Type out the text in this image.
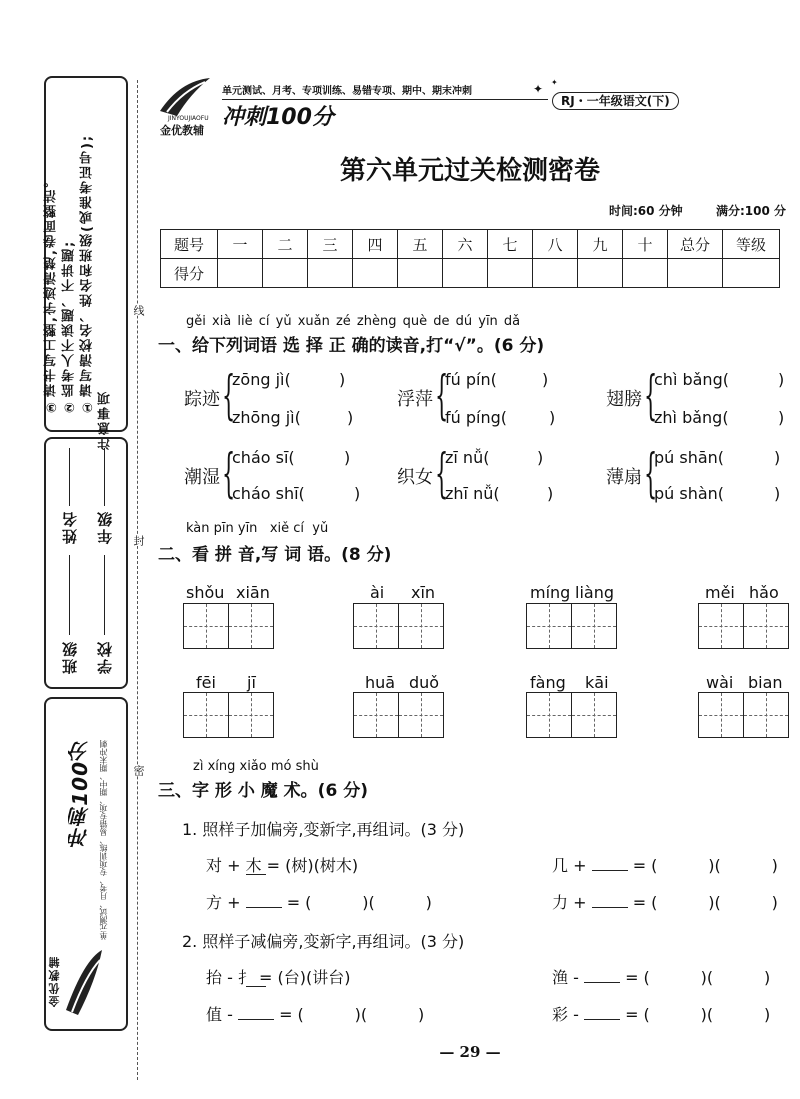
注意事项
①请写清校名、姓名和班级(或准考证号);
②监考人不读题、不讲题;
③请书写工整,字迹清楚,卷面整洁。
学校
年级
班级
姓名
单元测试、月考、专项训练、易错专项、期中、期末冲刺
冲刺100分
金优教辅
线
封
密
JINYOUJIAOFU
金优教辅
冲刺100分
单元测试、月考、专项训练、易错专项、期中、期末冲刺	✦ ✦
RJ・一年级语文(下)
第六单元过关检测密卷
时间:60 分钟	满分:100 分
题号	一	二	三	四	五	六	七	八	九	十	总分	等级
得分												
gěi xià liè cí yǔ xuǎn zé zhèng què de dú yīn dǎ
一、给下列词语 选 择 正 确的读音,打“√”。(6 分)
踪迹 {
zōng jì(	)
zhōng jì(	)
浮萍 {
fú pín(	)
fú píng(	)
翅膀 {
chì bǎng(	)
zhì bǎng(	)
潮湿 {
cháo sī(	)
cháo shī(	)
织女 {
zī nǚ(	)
zhī nǚ(	)
薄扇 {
pú shān(	)
pú shàn(	)
kàn pīn yīn   xiě cí  yǔ
二、看 拼 音,写 词 语。(8 分)
shǒu xiān	ài xīn	míng liàng	měi hǎo
fēi jī	huā duǒ	fàng kāi	wài bian
zì xíng xiǎo mó shù
三、字 形 小 魔 术。(6 分)
1. 照样子加偏旁,变新字,再组词。(3 分)
对 + 木 = (树)(树木)	几 +	= (          )(          )
方 +	= (          )(          )	力 +	= (          )(          )
2. 照样子减偏旁,变新字,再组词。(3 分)
抬 - 扌 = (台)(讲台)	渔 -	= (          )(          )
值 -	= (          )(          )	彩 -	= (          )(          )
— 29 —
